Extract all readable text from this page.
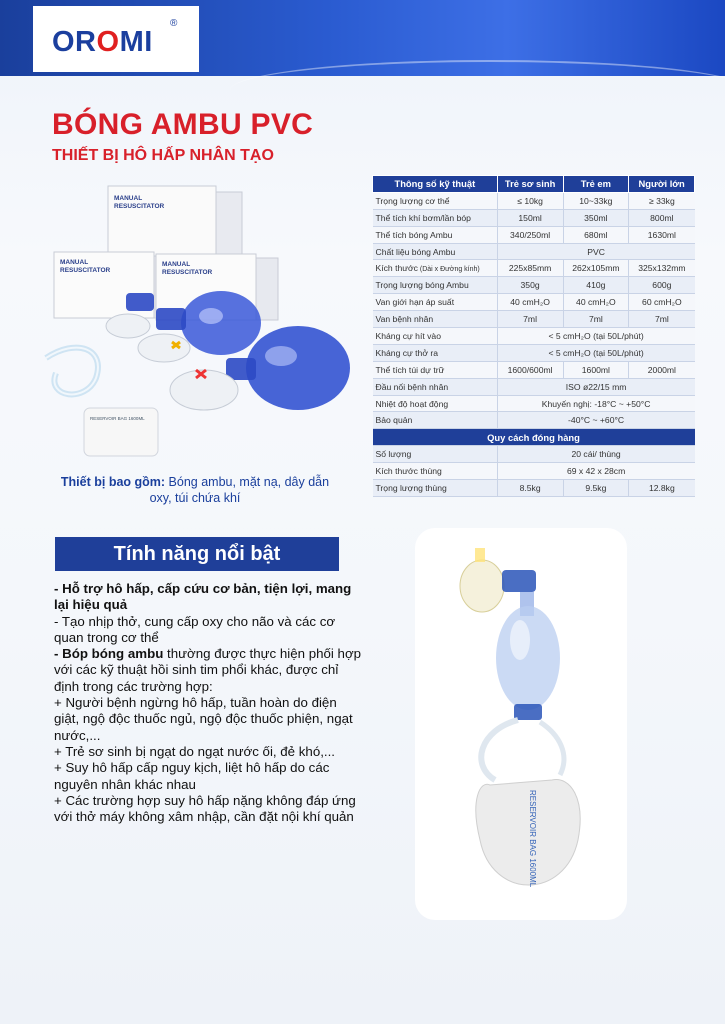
OROMI
®
BÓNG AMBU PVC
THIẾT BỊ HÔ HẤP NHÂN TẠO
MANUAL
RESUSCITATOR
MANUAL
RESUSCITATOR
MANUAL
RESUSCITATOR
RESERVOIR BAG 1600ML
Thiết bị bao gồm: Bóng ambu, mặt nạ, dây dẫn oxy, túi chứa khí
Thông số kỹ thuật	Trẻ sơ sinh	Trẻ em	Người lớn
Trọng lượng cơ thể	≤ 10kg	10~33kg	≥ 33kg
Thể tích khí bơm/lần bóp	150ml	350ml	800ml
Thể tích bóng Ambu	340/250ml	680ml	1630ml
Chất liệu bóng Ambu	PVC		
Kích thước (Dài x Đường kính)	225x85mm	262x105mm	325x132mm
Trọng lượng bóng Ambu	350g	410g	600g
Van giới hạn áp suất	40 cmH₂O	40 cmH₂O	60 cmH₂O
Van bệnh nhân	7ml	7ml	7ml
Kháng cự hít vào	< 5 cmH₂O (tại 50L/phút)		
Kháng cự thở ra	< 5 cmH₂O (tại 50L/phút)		
Thể tích túi dự trữ	1600/600ml	1600ml	2000ml
Đầu nối bệnh nhân	ISO ø22/15 mm		
Nhiệt độ hoạt động	Khuyến nghị: -18°C ~ +50°C		
Bảo quản	-40°C ~ +60°C		
Quy cách đóng hàng			
Số lượng	20 cái/ thùng		
Kích thước thùng	69 x 42 x 28cm		
Trọng lượng thùng	8.5kg	9.5kg	12.8kg
Tính năng nổi bật

- Hỗ trợ hô hấp, cấp cứu cơ bản, tiện lợi, mang lại hiệu quả

- Tạo nhịp thở, cung cấp oxy cho não và các cơ quan trong cơ thể

- Bóp bóng ambu thường được thực hiện phối hợp với các kỹ thuật hồi sinh tim phổi khác, được chỉ định trong các trường hợp:

+ Người bệnh ngừng hô hấp, tuần hoàn do điện giật, ngộ độc thuốc ngủ, ngộ độc thuốc phiện, ngạt nước,...

+ Trẻ sơ sinh bị ngạt do ngạt nước ối, đẻ khó,...

+ Suy hô hấp cấp nguy kịch, liệt hô hấp do các nguyên nhân khác nhau

+ Các trường hợp suy hô hấp nặng không đáp ứng với thở máy không xâm nhập, cần đặt nội khí quản	RESERVOIR BAG 1600ML
